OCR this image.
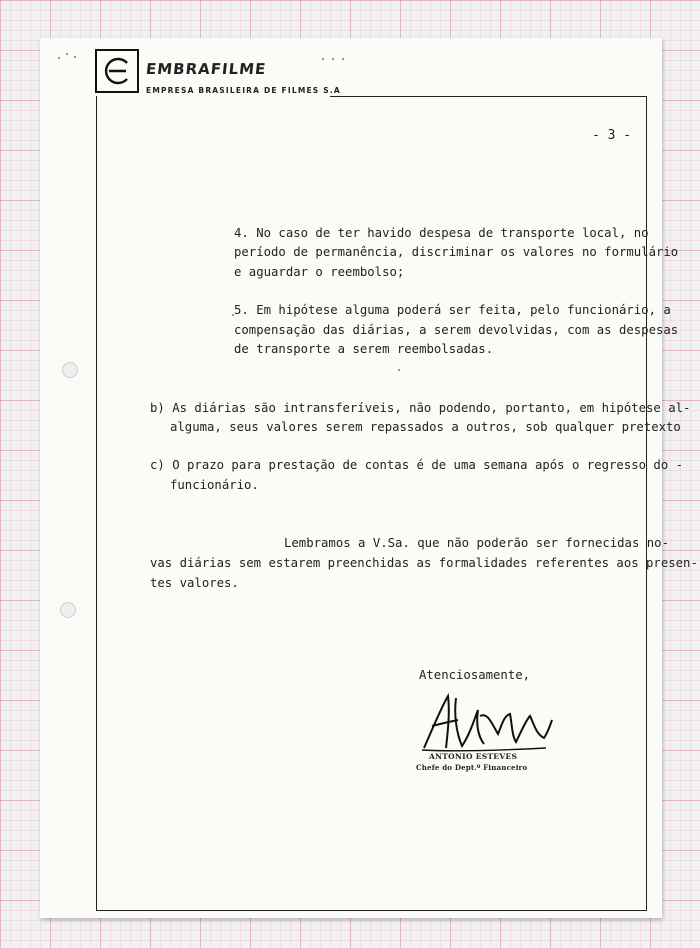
EMBRAFILME
EMPRESA BRASILEIRA DE FILMES S.A
- 3 -
4. No caso de ter havido despesa de transporte local, no
período de permanência, discriminar os valores no formulário
e aguardar o reembolso;
5. Em hipótese alguma poderá ser feita, pelo funcionário, a
compensação das diárias, a serem devolvidas, com as despesas
de transporte a serem reembolsadas.
b) As diárias são intransferíveis, não podendo, portanto, em hipótese al-
alguma, seus valores serem repassados a outros, sob qualquer pretexto
c) O prazo para prestação de contas é de uma semana após o regresso do -
funcionário.
Lembramos a V.Sa. que não poderão ser fornecidas no-
vas diárias sem estarem preenchidas as formalidades referentes aos presen-
tes valores.
Atenciosamente,
ANTONIO ESTEVES
Chefe do Dept.º Financeiro
